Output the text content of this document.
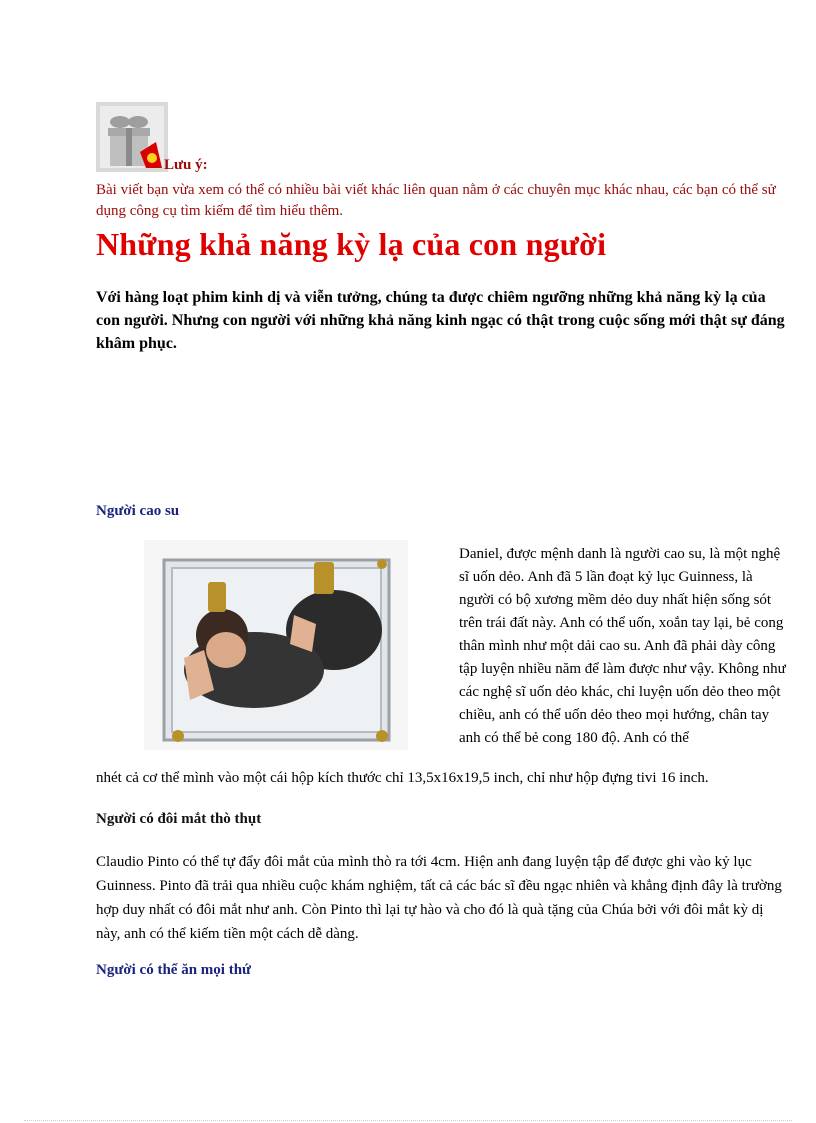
Lưu ý:
Bài viết bạn vừa xem có thể có nhiều bài viết khác liên quan nằm ở các chuyên mục khác nhau, các bạn có thể sử dụng công cụ tìm kiếm để tìm hiểu thêm.
Những khả năng kỳ lạ của con người
Với hàng loạt phim kinh dị và viễn tưởng, chúng ta được chiêm ngưỡng những khả năng kỳ lạ của con người. Nhưng con người với những khả năng kinh ngạc có thật trong cuộc sống mới thật sự đáng khâm phục.
Người cao su
Daniel, được mệnh danh là người cao su, là một nghệ sĩ uốn dẻo. Anh đã 5 lần đoạt kỷ lục Guinness, là người có bộ xương mềm dẻo duy nhất hiện sống sót trên trái đất này. Anh có thể uốn, xoắn tay lại, bẻ cong thân mình như một dải cao su. Anh đã phải dày công tập luyện nhiều năm để làm được như vậy. Không như các nghệ sĩ uốn dẻo khác, chỉ luyện uốn dẻo theo một chiều, anh có thể uốn dẻo theo mọi hướng, chân tay anh có thể bẻ cong 180 độ. Anh có thể
nhét cả cơ thể mình vào một cái hộp kích thước chỉ 13,5x16x19,5 inch, chỉ như hộp đựng tivi 16 inch.
Người có đôi mắt thò thụt
Claudio Pinto có thể tự đẩy đôi mắt của mình thò ra tới 4cm. Hiện anh đang luyện tập để được ghi vào kỷ lục Guinness. Pinto đã trải qua nhiều cuộc khám nghiệm, tất cả các bác sĩ đều ngạc nhiên và khẳng định đây là trường hợp duy nhất có đôi mắt như anh. Còn Pinto thì lại tự hào và cho đó là quà tặng của Chúa bởi với đôi mắt kỳ dị này, anh có thể kiếm tiền một cách dễ dàng.
Người có thể ăn mọi thứ
